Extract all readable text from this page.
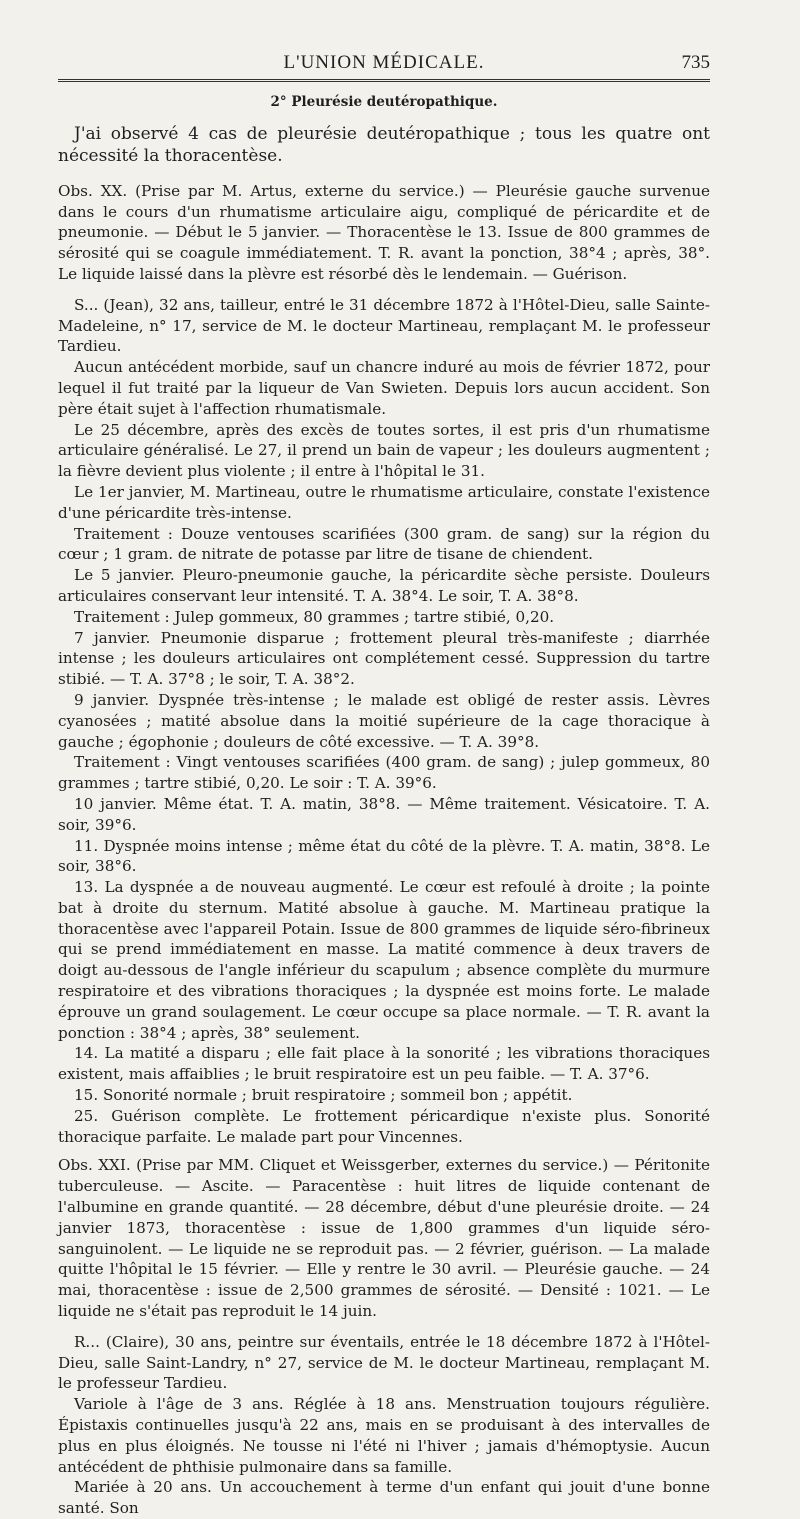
L'UNION MÉDICALE.	735
2° Pleurésie deutéropathique.

J'ai observé 4 cas de pleurésie deutéropathique ; tous les quatre ont nécessité la thoracentèse.

Obs. XX. (Prise par M. Artus, externe du service.) — Pleurésie gauche survenue dans le cours d'un rhumatisme articulaire aigu, compliqué de péricardite et de pneumonie. — Début le 5 janvier. — Thoracentèse le 13. Issue de 800 grammes de sérosité qui se coagule immédiatement. T. R. avant la ponction, 38°4 ; après, 38°. Le liquide laissé dans la plèvre est résorbé dès le lendemain. — Guérison.

S... (Jean), 32 ans, tailleur, entré le 31 décembre 1872 à l'Hôtel-Dieu, salle Sainte-Madeleine, n° 17, service de M. le docteur Martineau, remplaçant M. le professeur Tardieu.

Aucun antécédent morbide, sauf un chancre induré au mois de février 1872, pour lequel il fut traité par la liqueur de Van Swieten. Depuis lors aucun accident. Son père était sujet à l'affection rhumatismale.

Le 25 décembre, après des excès de toutes sortes, il est pris d'un rhumatisme articulaire généralisé. Le 27, il prend un bain de vapeur ; les douleurs augmentent ; la fièvre devient plus violente ; il entre à l'hôpital le 31.

Le 1er janvier, M. Martineau, outre le rhumatisme articulaire, constate l'existence d'une péricardite très-intense.

Traitement : Douze ventouses scarifiées (300 gram. de sang) sur la région du cœur ; 1 gram. de nitrate de potasse par litre de tisane de chiendent.

Le 5 janvier. Pleuro-pneumonie gauche, la péricardite sèche persiste. Douleurs articulaires conservant leur intensité. T. A. 38°4. Le soir, T. A. 38°8.

Traitement : Julep gommeux, 80 grammes ; tartre stibié, 0,20.

7 janvier. Pneumonie disparue ; frottement pleural très-manifeste ; diarrhée intense ; les douleurs articulaires ont complétement cessé. Suppression du tartre stibié. — T. A. 37°8 ; le soir, T. A. 38°2.

9 janvier. Dyspnée très-intense ; le malade est obligé de rester assis. Lèvres cyanosées ; matité absolue dans la moitié supérieure de la cage thoracique à gauche ; égophonie ; douleurs de côté excessive. — T. A. 39°8.

Traitement : Vingt ventouses scarifiées (400 gram. de sang) ; julep gommeux, 80 grammes ; tartre stibié, 0,20. Le soir : T. A. 39°6.

10 janvier. Même état. T. A. matin, 38°8. — Même traitement. Vésicatoire. T. A. soir, 39°6.

11. Dyspnée moins intense ; même état du côté de la plèvre. T. A. matin, 38°8. Le soir, 38°6.

13. La dyspnée a de nouveau augmenté. Le cœur est refoulé à droite ; la pointe bat à droite du sternum. Matité absolue à gauche. M. Martineau pratique la thoracentèse avec l'appareil Potain. Issue de 800 grammes de liquide séro-fibrineux qui se prend immédiatement en masse. La matité commence à deux travers de doigt au-dessous de l'angle inférieur du scapulum ; absence complète du murmure respiratoire et des vibrations thoraciques ; la dyspnée est moins forte. Le malade éprouve un grand soulagement. Le cœur occupe sa place normale. — T. R. avant la ponction : 38°4 ; après, 38° seulement.

14. La matité a disparu ; elle fait place à la sonorité ; les vibrations thoraciques existent, mais affaiblies ; le bruit respiratoire est un peu faible. — T. A. 37°6.

15. Sonorité normale ; bruit respiratoire ; sommeil bon ; appétit.

25. Guérison complète. Le frottement péricardique n'existe plus. Sonorité thoracique parfaite. Le malade part pour Vincennes.

Obs. XXI. (Prise par MM. Cliquet et Weissgerber, externes du service.) — Péritonite tuberculeuse. — Ascite. — Paracentèse : huit litres de liquide contenant de l'albumine en grande quantité. — 28 décembre, début d'une pleurésie droite. — 24 janvier 1873, thoracentèse : issue de 1,800 grammes d'un liquide séro-sanguinolent. — Le liquide ne se reproduit pas. — 2 février, guérison. — La malade quitte l'hôpital le 15 février. — Elle y rentre le 30 avril. — Pleurésie gauche. — 24 mai, thoracentèse : issue de 2,500 grammes de sérosité. — Densité : 1021. — Le liquide ne s'était pas reproduit le 14 juin.

R... (Claire), 30 ans, peintre sur éventails, entrée le 18 décembre 1872 à l'Hôtel-Dieu, salle Saint-Landry, n° 27, service de M. le docteur Martineau, remplaçant M. le professeur Tardieu.

Variole à l'âge de 3 ans. Réglée à 18 ans. Menstruation toujours régulière. Épistaxis continuelles jusqu'à 22 ans, mais en se produisant à des intervalles de plus en plus éloignés. Ne tousse ni l'été ni l'hiver ; jamais d'hémoptysie. Aucun antécédent de phthisie pulmonaire dans sa famille.

Mariée à 20 ans. Un accouchement à terme d'un enfant qui jouit d'une bonne santé. Son
